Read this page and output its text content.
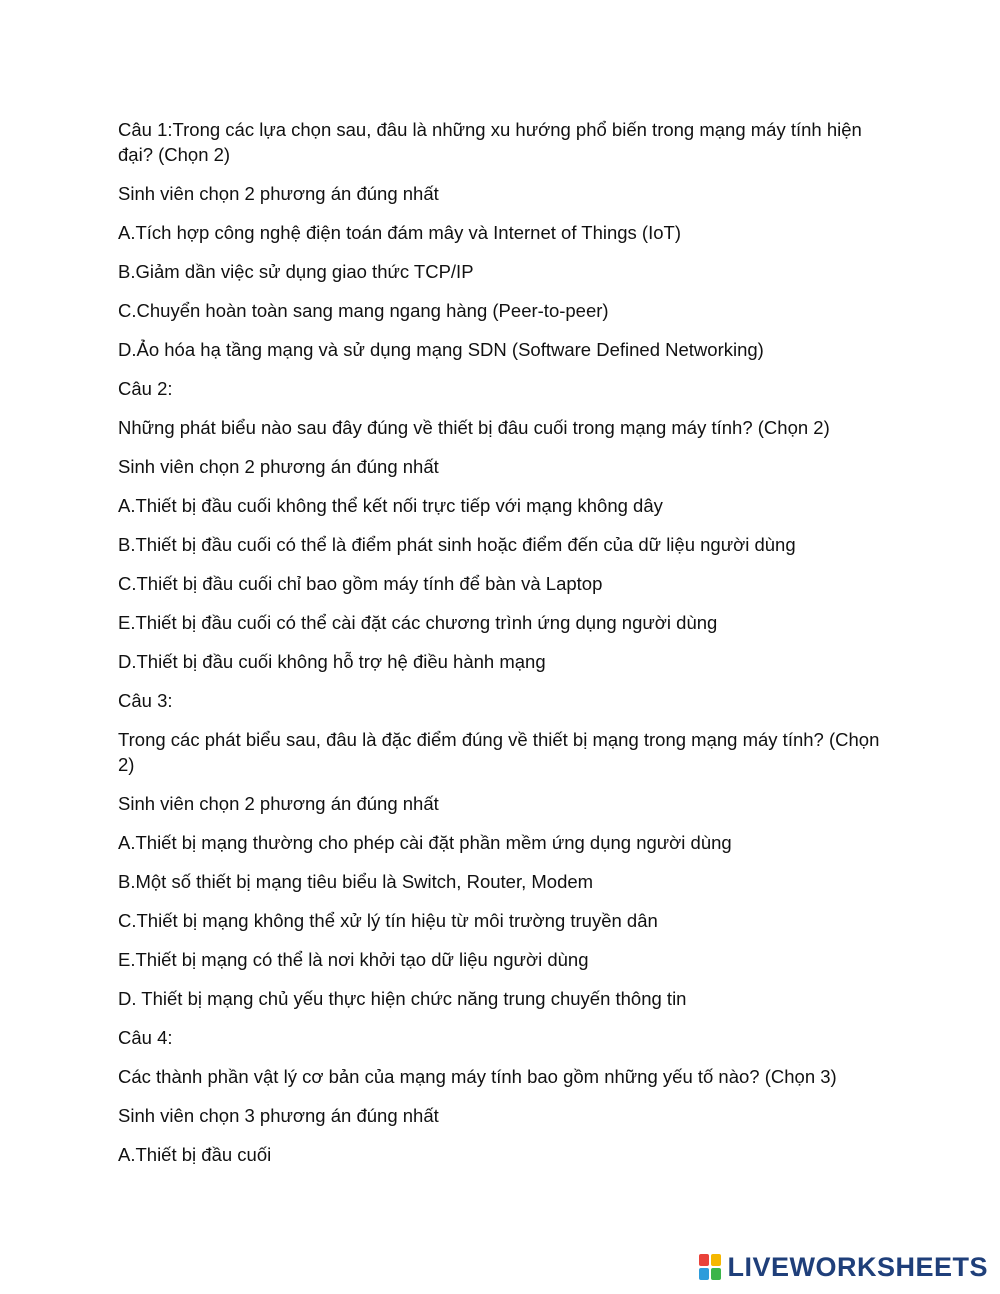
Câu 1:Trong các lựa chọn sau, đâu là những xu hướng phổ biến trong mạng máy tính hiện đại? (Chọn 2)

Sinh viên chọn 2 phương án đúng nhất

A.Tích hợp công nghệ điện toán đám mây và Internet of Things (IoT)

B.Giảm dần việc sử dụng giao thức TCP/IP

C.Chuyển hoàn toàn sang mang ngang hàng (Peer-to-peer)

D.Ảo hóa hạ tầng mạng và sử dụng mạng SDN (Software Defined Networking)

Câu 2:

Những phát biểu nào sau đây đúng về thiết bị đâu cuối trong mạng máy tính? (Chọn 2)

Sinh viên chọn 2 phương án đúng nhất

A.Thiết bị đầu cuối không thể kết nối trực tiếp với mạng không dây

B.Thiết bị đầu cuối có thể là điểm phát sinh hoặc điểm đến của dữ liệu người dùng

C.Thiết bị đầu cuối chỉ bao gồm máy tính để bàn và Laptop

E.Thiết bị đầu cuối có thể cài đặt các chương trình ứng dụng người dùng

D.Thiết bị đầu cuối không hỗ trợ hệ điều hành mạng

Câu 3:

Trong các phát biểu sau, đâu là đặc điểm đúng về thiết bị mạng trong mạng máy tính? (Chọn 2)

Sinh viên chọn 2 phương án đúng nhất

A.Thiết bị mạng thường cho phép cài đặt phần mềm ứng dụng người dùng

B.Một số thiết bị mạng tiêu biểu là Switch, Router, Modem

C.Thiết bị mạng không thể xử lý tín hiệu từ môi trường truyền dân

E.Thiết bị mạng có thể là nơi khởi tạo dữ liệu người dùng

D. Thiết bị mạng chủ yếu thực hiện chức năng trung chuyến thông tin

Câu 4:

Các thành phần vật lý cơ bản của mạng máy tính bao gồm những yếu tố nào? (Chọn 3)

Sinh viên chọn 3 phương án đúng nhất

A.Thiết bị đầu cuối

LIVEWORKSHEETS
